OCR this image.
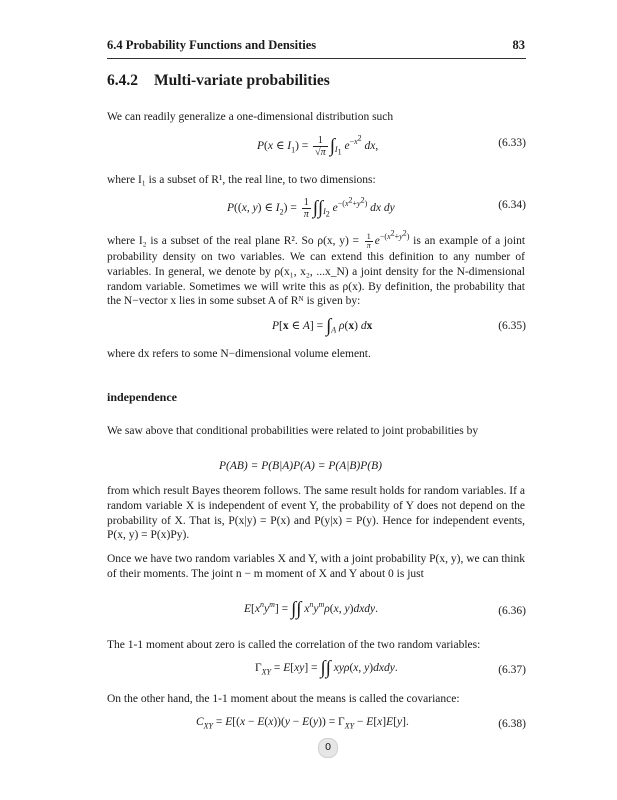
6.4 Probability Functions and Densities	83
6.4.2 Multi-variate probabilities
We can readily generalize a one-dimensional distribution such
P(x ∈ $I_1) = \frac{1}{√\pi} \int_{I_1}$ $e^{-x^2}$ dx,	(6.33)
where I₁ is a subset of R¹, the real line, to two dimensions:
P((x, y) ∈ $I_2) = \frac{1}{\pi} \int\int_{I_2}$ $e^{-(x^2+y^2)}$ dx dy	(6.34)
where I₂ is a subset of the real plane R². So ρ(x, $y) = \frac{1}{\pi} e^{-(x^2+y^2)}$ is an example of a joint probability density on two variables. We can extend this definition to any number of variables. In general, we denote by ρ(x₁, x₂, ...x_N) a joint density for the N-dimensional random variable. Sometimes we will write this as ρ(x). By definition, the probability that the N−vector x lies in some subset A of Rᴺ is given by:
P[x ∈ $A] = \int_A$ ρ(x) dx	(6.35)
where dx refers to some N−dimensional volume element.
independence
We saw above that conditional probabilities were related to joint probabilities by
P(AB) = P(B|A)P(A) = P(A|B)P(B)
from which result Bayes theorem follows. The same result holds for random variables. If a random variable X is independent of event Y, the probability of Y does not depend on the probability of X. That is, P(x|y) = P(x) and P(y|x) = P(y). Hence for independent events, P(x, y) = P(x)Py).
Once we have two random variables X and Y, with a joint probability P(x, y), we can think of their moments. The joint n − m moment of X and Y about 0 is just
$E[x^ny^m]$ = ∫∫ $x^ny^m\rho(x$, y)dxdy.	(6.36)
The 1-1 moment about zero is called the correlation of the two random variables:
$\Gamma_{XY} = E[xy]$ = ∫∫ xyρ(x, y)dxdy.	(6.37)
On the other hand, the 1-1 moment about the means is called the covariance:
$C_{XY} = E[(x - E(x))(y - E(y)) = \Gamma_{XY} - E[x]E[y]$.	(6.38)
0
